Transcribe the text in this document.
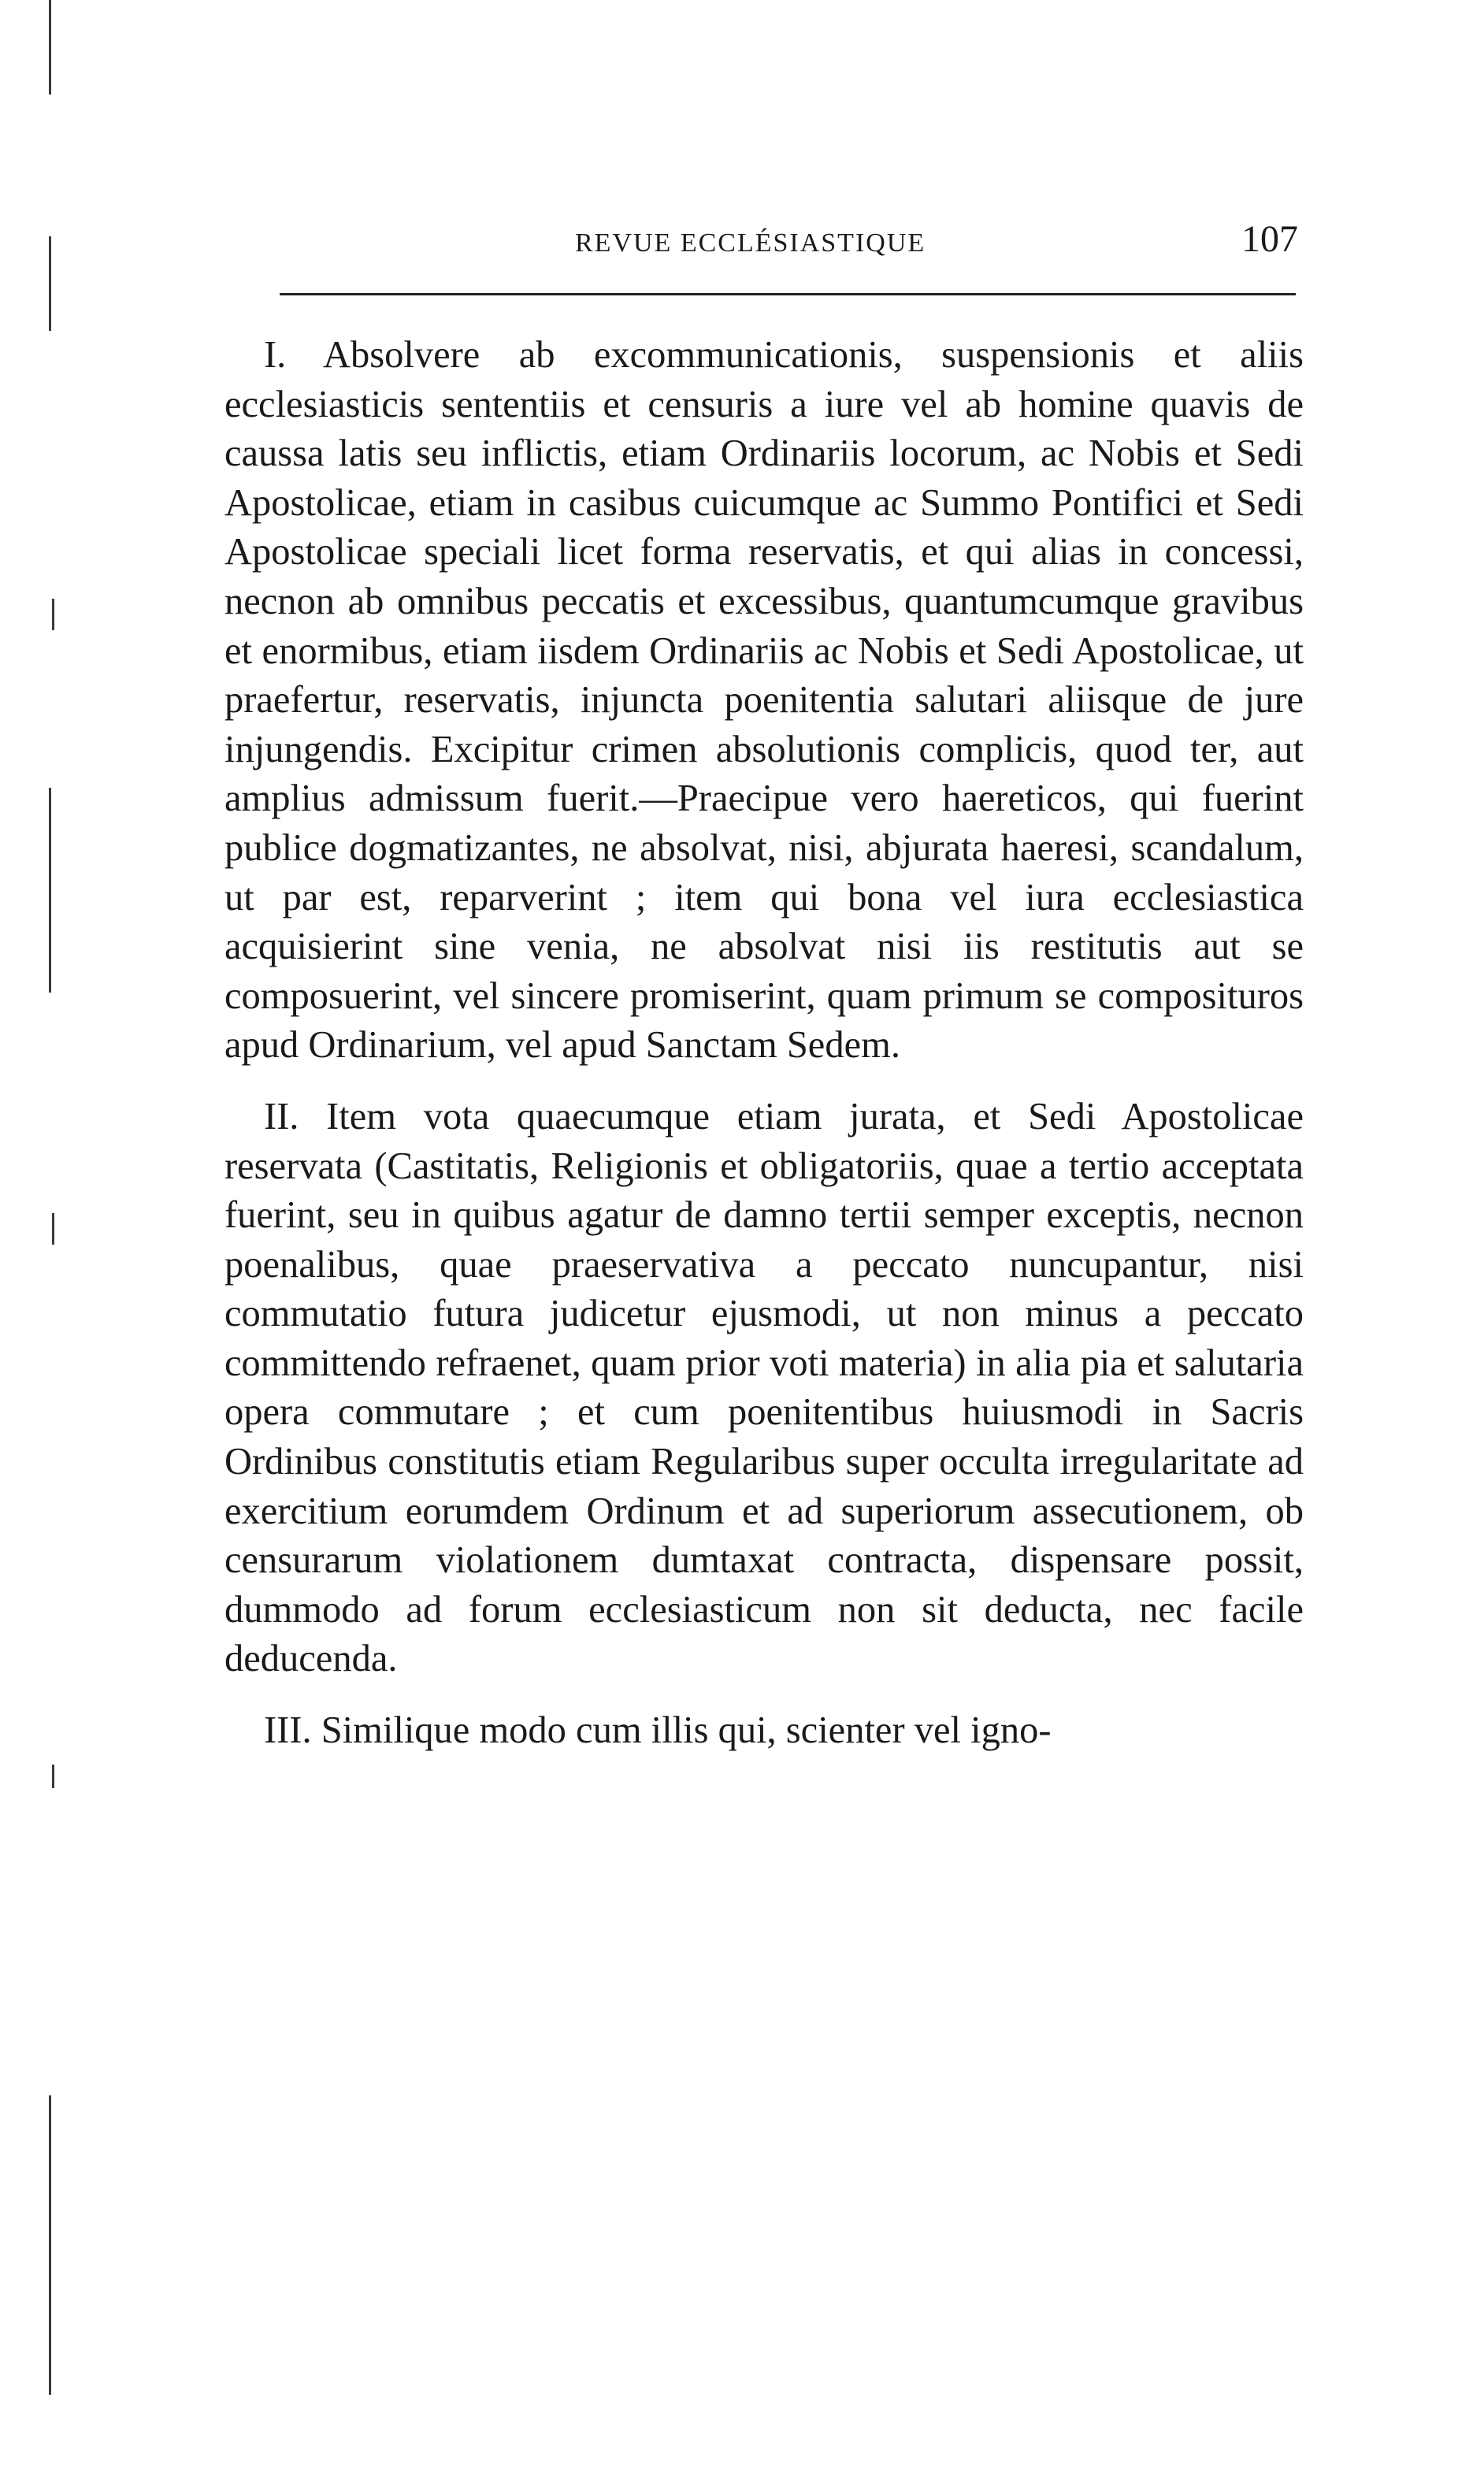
REVUE ECCLÉSIASTIQUE	107

I. Absolvere ab excommunicationis, suspensionis et aliis ecclesiasticis sententiis et censuris a iure vel ab homine quavis de caussa latis seu inflictis, etiam Ordinariis locorum, ac Nobis et Sedi Apostolicae, etiam in casibus cuicumque ac Summo Pontifici et Sedi Apostolicae speciali licet forma reservatis, et qui alias in concessi, necnon ab omnibus peccatis et excessibus, quantumcumque gravibus et enormibus, etiam iisdem Ordinariis ac Nobis et Sedi Apostolicae, ut praefertur, reservatis, injuncta poenitentia salutari aliisque de jure injungendis. Excipitur crimen absolutionis complicis, quod ter, aut amplius admissum fuerit.—Praecipue vero haereticos, qui fuerint publice dogmatizantes, ne absolvat, nisi, abjurata haeresi, scandalum, ut par est, reparverint ; item qui bona vel iura ecclesiastica acquisierint sine venia, ne absolvat nisi iis restitutis aut se composuerint, vel sincere promiserint, quam primum se composituros apud Ordinarium, vel apud Sanctam Sedem.

II. Item vota quaecumque etiam jurata, et Sedi Apostolicae reservata (Castitatis, Religionis et obligatoriis, quae a tertio acceptata fuerint, seu in quibus agatur de damno tertii semper exceptis, necnon poenalibus, quae praeservativa a peccato nuncupantur, nisi commutatio futura judicetur ejusmodi, ut non minus a peccato committendo refraenet, quam prior voti materia) in alia pia et salutaria opera commutare ; et cum poenitentibus huiusmodi in Sacris Ordinibus constitutis etiam Regularibus super occulta irregularitate ad exercitium eorumdem Ordinum et ad superiorum assecutionem, ob censurarum violationem dumtaxat contracta, dispensare possit, dummodo ad forum ecclesiasticum non sit deducta, nec facile deducenda.

III. Similique modo cum illis qui, scienter vel igno-
